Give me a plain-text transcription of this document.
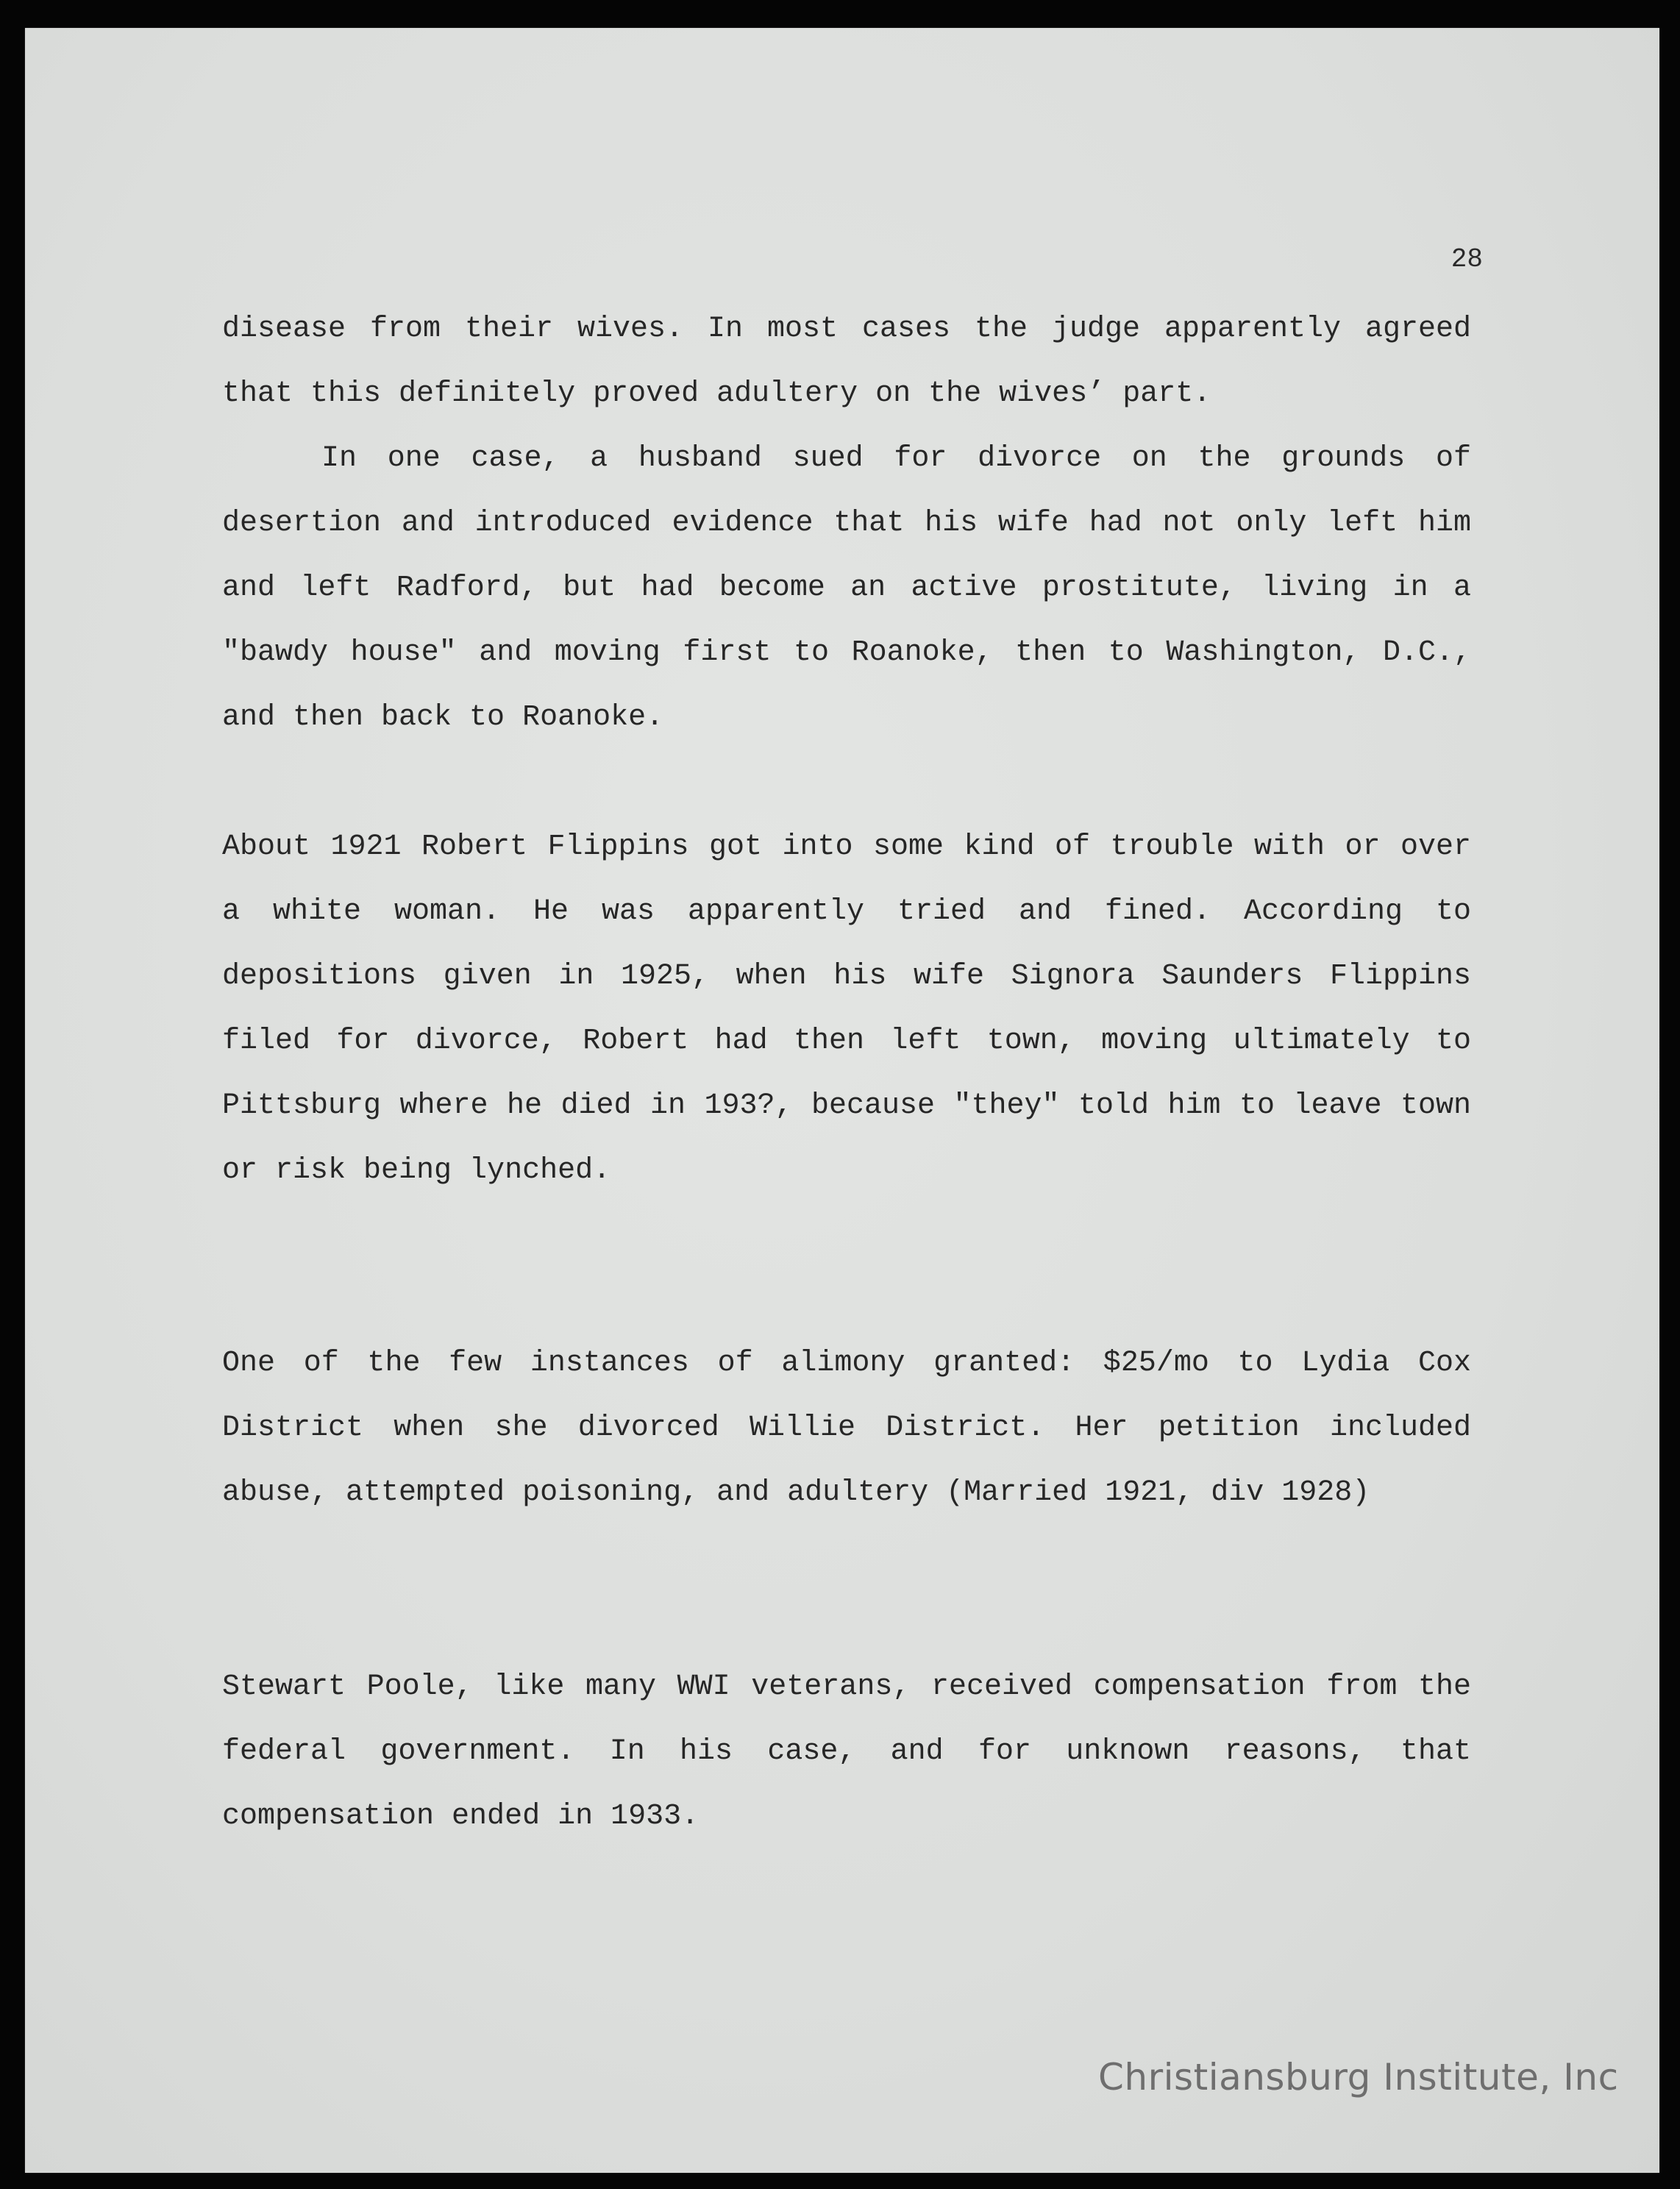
28

disease from their wives. In most cases the judge apparently agreed that this definitely proved adultery on the wives’ part.

In one case, a husband sued for divorce on the grounds of desertion and introduced evidence that his wife had not only left him and left Radford, but had become an active prostitute, living in a "bawdy house" and moving first to Roanoke, then to Washington, D.C., and then back to Roanoke.

About 1921 Robert Flippins got into some kind of trouble with or over a white woman. He was apparently tried and fined. According to depositions given in 1925, when his wife Signora Saunders Flippins filed for divorce, Robert had then left town, moving ultimately to Pittsburg where he died in 193?, because "they" told him to leave town or risk being lynched.

One of the few instances of alimony granted: $25/mo to Lydia Cox District when she divorced Willie District. Her petition included abuse, attempted poisoning, and adultery (Married 1921, div 1928)

Stewart Poole, like many WWI veterans, received compensation from the federal government. In his case, and for unknown reasons, that compensation ended in 1933.

Christiansburg Institute, Inc
